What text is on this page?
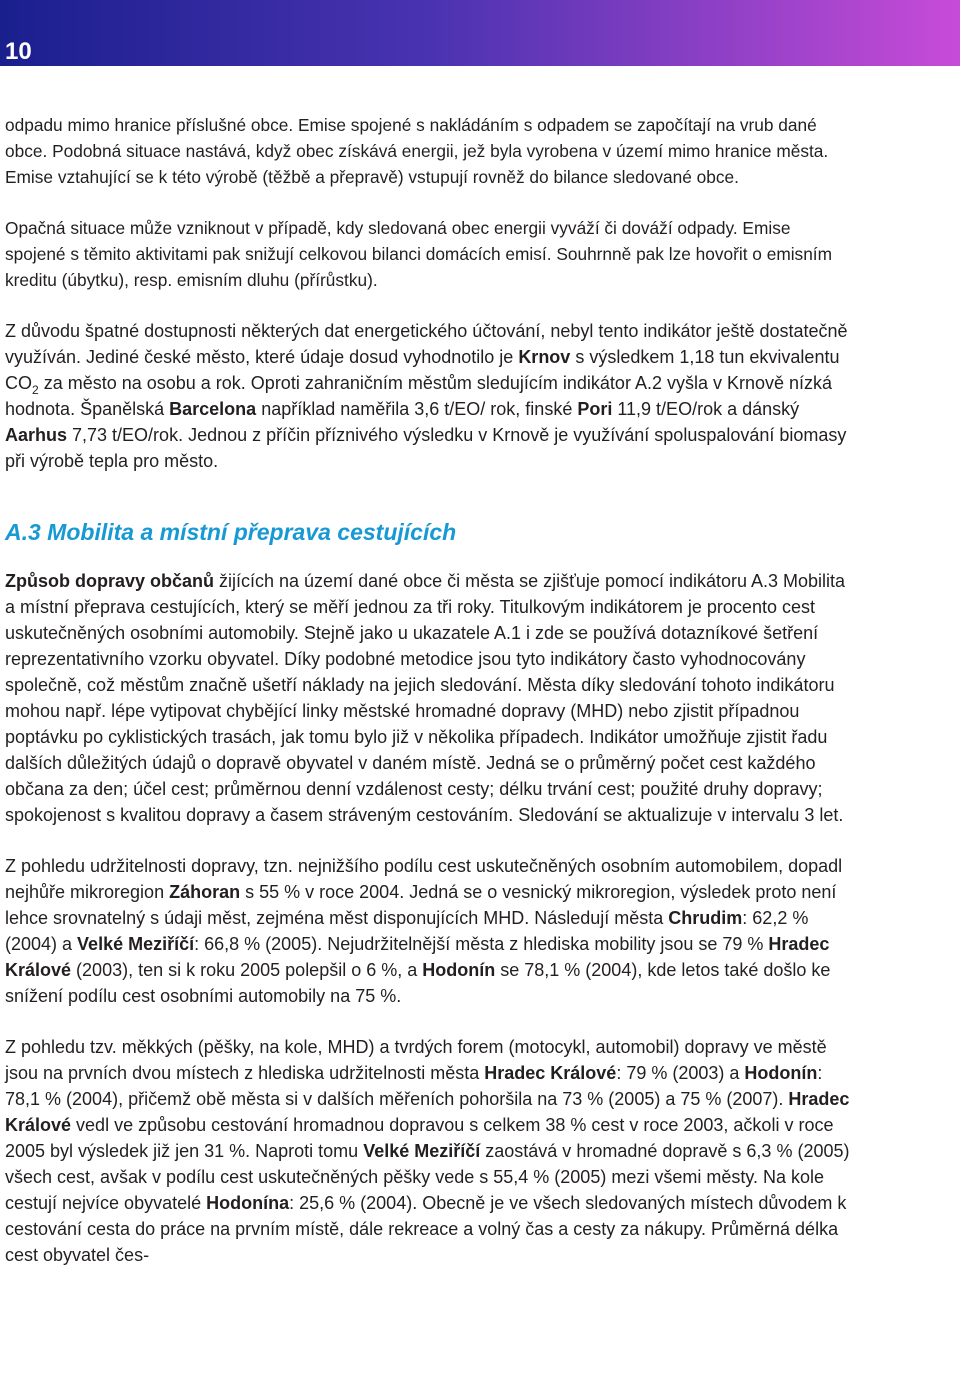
10

odpadu mimo hranice příslušné obce. Emise spojené s nakládáním s odpadem se započítají na vrub dané obce. Podobná situace nastává, když obec získává energii, jež byla vyrobena v území mimo hranice města. Emise vztahující se k této výrobě (těžbě a přepravě) vstupují rovněž do bilance sledované obce.

Opačná situace může vzniknout v případě, kdy sledovaná obec energii vyváží či dováží odpady. Emise spojené s těmito aktivitami pak snižují celkovou bilanci domácích emisí. Souhrnně pak lze hovořit o emisním kreditu (úbytku), resp. emisním dluhu (přírůstku).

Z důvodu špatné dostupnosti některých dat energetického účtování, nebyl tento indikátor ještě dostatečně využíván. Jediné české město, které údaje dosud vyhodnotilo je Krnov s výsledkem 1,18 tun ekvivalentu $CO_2$ za město na osobu a rok. Oproti zahraničním městům sledujícím indikátor A.2 vyšla v Krnově nízká hodnota. Španělská Barcelona například naměřila 3,6 t/EO/ rok, finské Pori 11,9 t/EO/rok a dánský Aarhus 7,73 t/EO/rok. Jednou z příčin příznivého výsledku v Krnově je využívání spoluspalování biomasy při výrobě tepla pro město.

A.3 Mobilita a místní přeprava cestujících

Způsob dopravy občanů žijících na území dané obce či města se zjišťuje pomocí indikátoru A.3 Mobilita a místní přeprava cestujících, který se měří jednou za tři roky. Titulkovým indikátorem je procento cest uskutečněných osobními automobily. Stejně jako u ukazatele A.1 i zde se používá dotazníkové šetření reprezentativního vzorku obyvatel. Díky podobné metodice jsou tyto indikátory často vyhodnocovány společně, což městům značně ušetří náklady na jejich sledování. Města díky sledování tohoto indikátoru mohou např. lépe vytipovat chybějící linky městské hromadné dopravy (MHD) nebo zjistit případnou poptávku po cyklistických trasách, jak tomu bylo již v několika případech. Indikátor umožňuje zjistit řadu dalších důležitých údajů o dopravě obyvatel v daném místě. Jedná se o průměrný počet cest každého občana za den; účel cest; průměrnou denní vzdálenost cesty; délku trvání cest; použité druhy dopravy; spokojenost s kvalitou dopravy a časem stráveným cestováním. Sledování se aktualizuje v intervalu 3 let.

Z pohledu udržitelnosti dopravy, tzn. nejnižšího podílu cest uskutečněných osobním automobilem, dopadl nejhůře mikroregion Záhoran s 55 % v roce 2004. Jedná se o vesnický mikroregion, výsledek proto není lehce srovnatelný s údaji měst, zejména měst disponujících MHD. Následují města Chrudim: 62,2 % (2004) a Velké Meziříčí: 66,8 % (2005). Nejudržitelnější města z hlediska mobility jsou se 79 % Hradec Králové (2003), ten si k roku 2005 polepšil o 6 %, a Hodonín se 78,1 % (2004), kde letos také došlo ke snížení podílu cest osobními automobily na 75 %.

Z pohledu tzv. měkkých (pěšky, na kole, MHD) a tvrdých forem (motocykl, automobil) dopravy ve městě jsou na prvních dvou místech z hlediska udržitelnosti města Hradec Králové: 79 % (2003) a Hodonín: 78,1 % (2004), přičemž obě města si v dalších měřeních pohoršila na 73 % (2005) a 75 % (2007). Hradec Králové vedl ve způsobu cestování hromadnou dopravou s celkem 38 % cest v roce 2003, ačkoli v roce 2005 byl výsledek již jen 31 %. Naproti tomu Velké Meziříčí zaostává v hromadné dopravě s 6,3 % (2005) všech cest, avšak v podílu cest uskutečněných pěšky vede s 55,4 % (2005) mezi všemi městy. Na kole cestují nejvíce obyvatelé Hodonína: 25,6 % (2004). Obecně je ve všech sledovaných místech důvodem k cestování cesta do práce na prvním místě, dále rekreace a volný čas a cesty za nákupy. Průměrná délka cest obyvatel čes-
